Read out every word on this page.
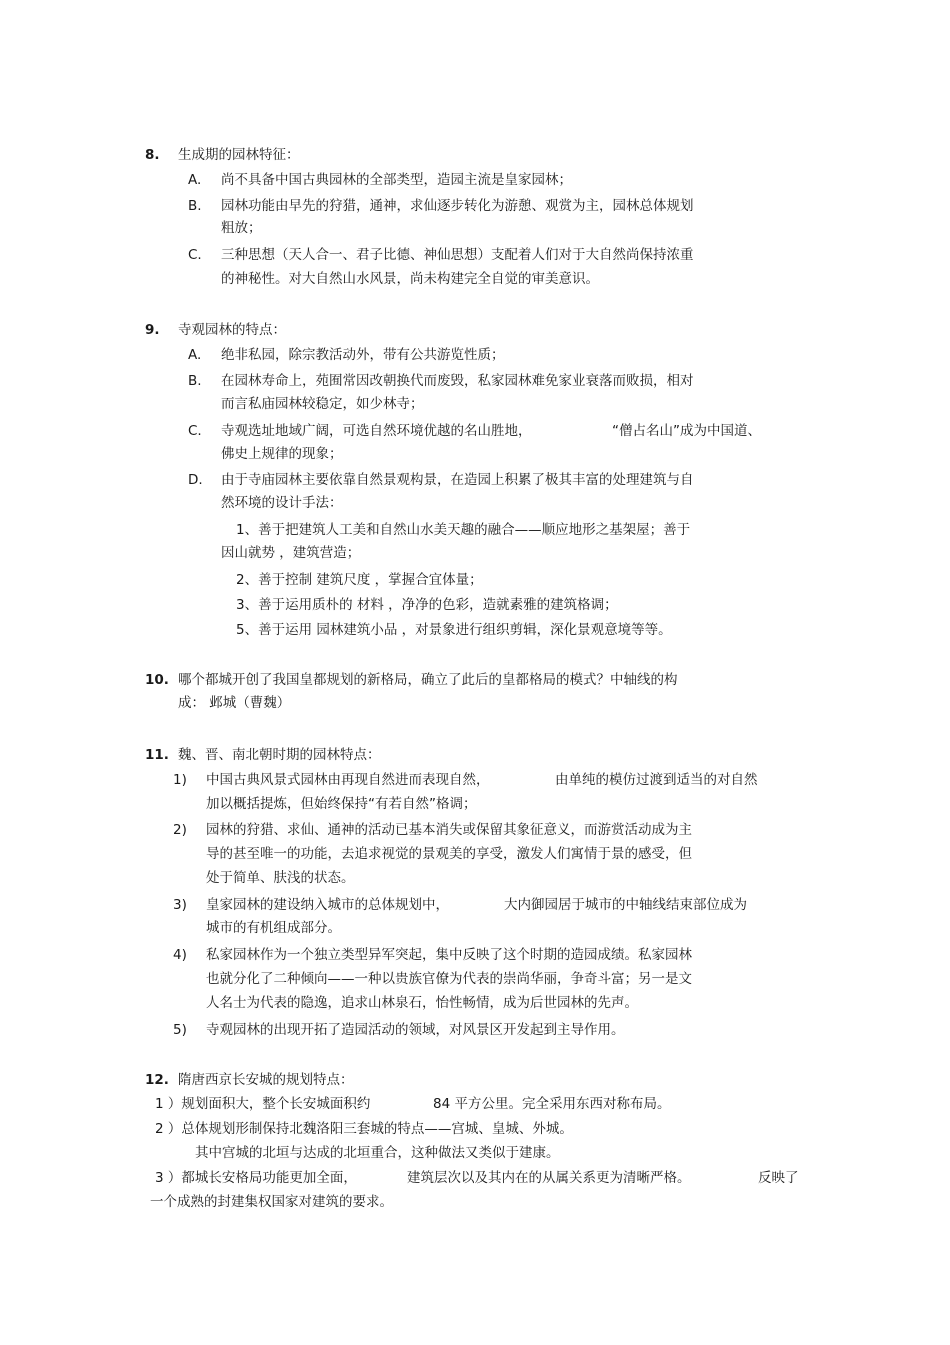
8. 生成期的园林特征：
A. 尚不具备中国古典园林的全部类型，造园主流是皇家园林；
B. 园林功能由早先的狩猎，通神，求仙逐步转化为游憩、观赏为主，园林总体规划
粗放；
C. 三种思想（天人合一、君子比德、神仙思想）支配着人们对于大自然尚保持浓重
的神秘性。对大自然山水风景，尚未构建完全自觉的审美意识。
9. 寺观园林的特点：
A. 绝非私园，除宗教活动外，带有公共游览性质；
B. 在园林寿命上，苑囿常因改朝换代而废毁，私家园林难免家业衰落而败损，相对
而言私庙园林较稳定，如少林寺；
C. 寺观选址地域广阔，可选自然环境优越的名山胜地，	“僧占名山”成为中国道、
佛史上规律的现象；
D. 由于寺庙园林主要依靠自然景观构景，在造园上积累了极其丰富的处理建筑与自
然环境的设计手法：
1、善于把建筑人工美和自然山水美天趣的融合——顺应地形之基架屋；善于
因山就势 ，建筑营造；
2、善于控制 建筑尺度 ，掌握合宜体量；
3、善于运用质朴的 材料 ，净净的色彩，造就素雅的建筑格调；
5、善于运用 园林建筑小品 ，对景象进行组织剪辑，深化景观意境等等。
10. 哪个都城开创了我国皇都规划的新格局，确立了此后的皇都格局的模式？中轴线的构
成： 邺城（曹魏）
11. 魏、晋、南北朝时期的园林特点：
1) 中国古典风景式园林由再现自然进而表现自然，	由单纯的模仿过渡到适当的对自然
加以概括提炼，但始终保持“有若自然”格调；
2) 园林的狩猎、求仙、通神的活动已基本消失或保留其象征意义，而游赏活动成为主
导的甚至唯一的功能，去追求视觉的景观美的享受，激发人们寓情于景的感受，但
处于简单、肤浅的状态。
3) 皇家园林的建设纳入城市的总体规划中，	大内御园居于城市的中轴线结束部位成为
城市的有机组成部分。
4) 私家园林作为一个独立类型异军突起，集中反映了这个时期的造园成绩。私家园林
也就分化了二种倾向——一种以贵族官僚为代表的崇尚华丽，争奇斗富；另一是文
人名士为代表的隐逸，追求山林泉石，怡性畅情，成为后世园林的先声。
5) 寺观园林的出现开拓了造园活动的领域，对风景区开发起到主导作用。
12. 隋唐西京长安城的规划特点：
1 ）规划面积大，整个长安城面积约	84 平方公里。完全采用东西对称布局。
2 ）总体规划形制保持北魏洛阳三套城的特点——宫城、皇城、外城。
其中宫城的北垣与达成的北垣重合，这种做法又类似于建康。
3 ）都城长安格局功能更加全面，	建筑层次以及其内在的从属关系更为清晰严格。	反映了
一个成熟的封建集权国家对建筑的要求。
